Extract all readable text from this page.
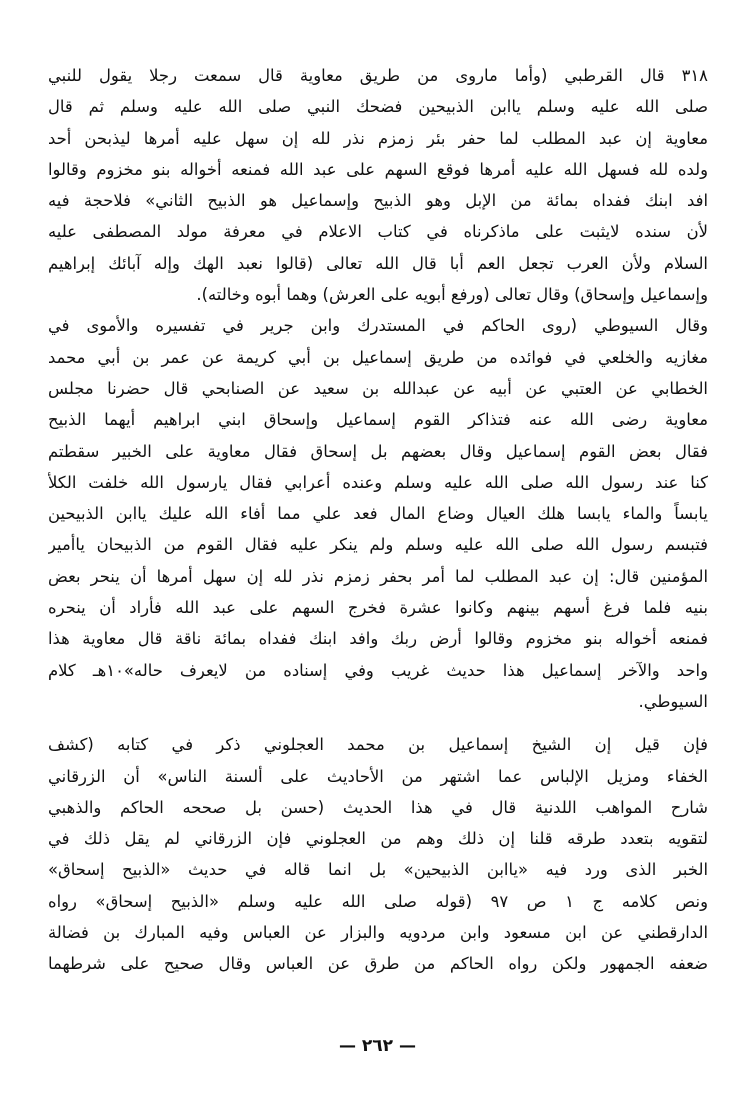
٣١٨ قال القرطبي (وأما ماروى من طريق معاوية قال سمعت رجلا يقول للنبي
صلى الله عليه وسلم ياابن الذبيحين فضحك النبي صلى الله عليه وسلم ثم قال
معاوية إن عبد المطلب لما حفر بئر زمزم نذر لله إن سهل عليه أمرها ليذبحن أحد
ولده لله فسهل الله عليه أمرها فوقع السهم على عبد الله فمنعه أخواله بنو مخزوم وقالوا
افد ابنك ففداه بمائة من الإبل وهو الذبيح وإسماعيل هو الذبيح الثاني» فلاحجة فيه
لأن سنده لايثبت على ماذكرناه في كتاب الاعلام في معرفة مولد المصطفى عليه
السلام ولأن العرب تجعل العم أبا قال الله تعالى (قالوا نعبد الهك وإله آبائك إبراهيم
وإسماعيل وإسحاق) وقال تعالى (ورفع أبويه على العرش) وهما أبوه وخالته).
وقال السيوطي (روى الحاكم في المستدرك وابن جرير في تفسيره والأموى في
مغازيه والخلعي في فوائده من طريق إسماعيل بن أبي كريمة عن عمر بن أبي محمد
الخطابي عن العتبي عن أبيه عن عبدالله بن سعيد عن الصنابحي قال حضرنا مجلس
معاوية رضى الله عنه فتذاكر القوم إسماعيل وإسحاق ابني ابراهيم أيهما الذبيح
فقال بعض القوم إسماعيل وقال بعضهم بل إسحاق فقال معاوية على الخبير سقطتم
كنا عند رسول الله صلى الله عليه وسلم وعنده أعرابي فقال يارسول الله خلفت الكلأ
يابساً والماء يابسا هلك العيال وضاع المال فعد علي مما أفاء الله عليك ياابن الذبيحين
فتبسم رسول الله صلى الله عليه وسلم ولم ينكر عليه فقال القوم من الذبيحان ياأمير
المؤمنين قال: إن عبد المطلب لما أمر بحفر زمزم نذر لله إن سهل أمرها أن ينحر بعض
بنيه فلما فرغ أسهم بينهم وكانوا عشرة فخرج السهم على عبد الله فأراد أن ينحره
فمنعه أخواله بنو مخزوم وقالوا أرض ربك وافد ابنك ففداه بمائة ناقة قال معاوية هذا
واحد والآخر إسماعيل هذا حديث غريب وفي إسناده من لايعرف حاله»١٠هـ كلام
السيوطي.
فإن قيل إن الشيخ إسماعيل بن محمد العجلوني ذكر في كتابه (كشف
الخفاء ومزيل الإلباس عما اشتهر من الأحاديث على ألسنة الناس» أن الزرقاني
شارح المواهب اللدنية قال في هذا الحديث (حسن بل صححه الحاكم والذهبي
لتقويه بتعدد طرقه قلنا إن ذلك وهم من العجلوني فإن الزرقاني لم يقل ذلك في
الخبر الذى ورد فيه «ياابن الذبيحين» بل انما قاله في حديث «الذبيح إسحاق»
ونص كلامه ج ١ ص ٩٧ (قوله صلى الله عليه وسلم «الذبيح إسحاق» رواه
الدارقطني عن ابن مسعود وابن مردويه والبزار عن العباس وفيه المبارك بن فضالة
ضعفه الجمهور ولكن رواه الحاكم من طرق عن العباس وقال صحيح على شرطهما
— ٢٦٢ —
